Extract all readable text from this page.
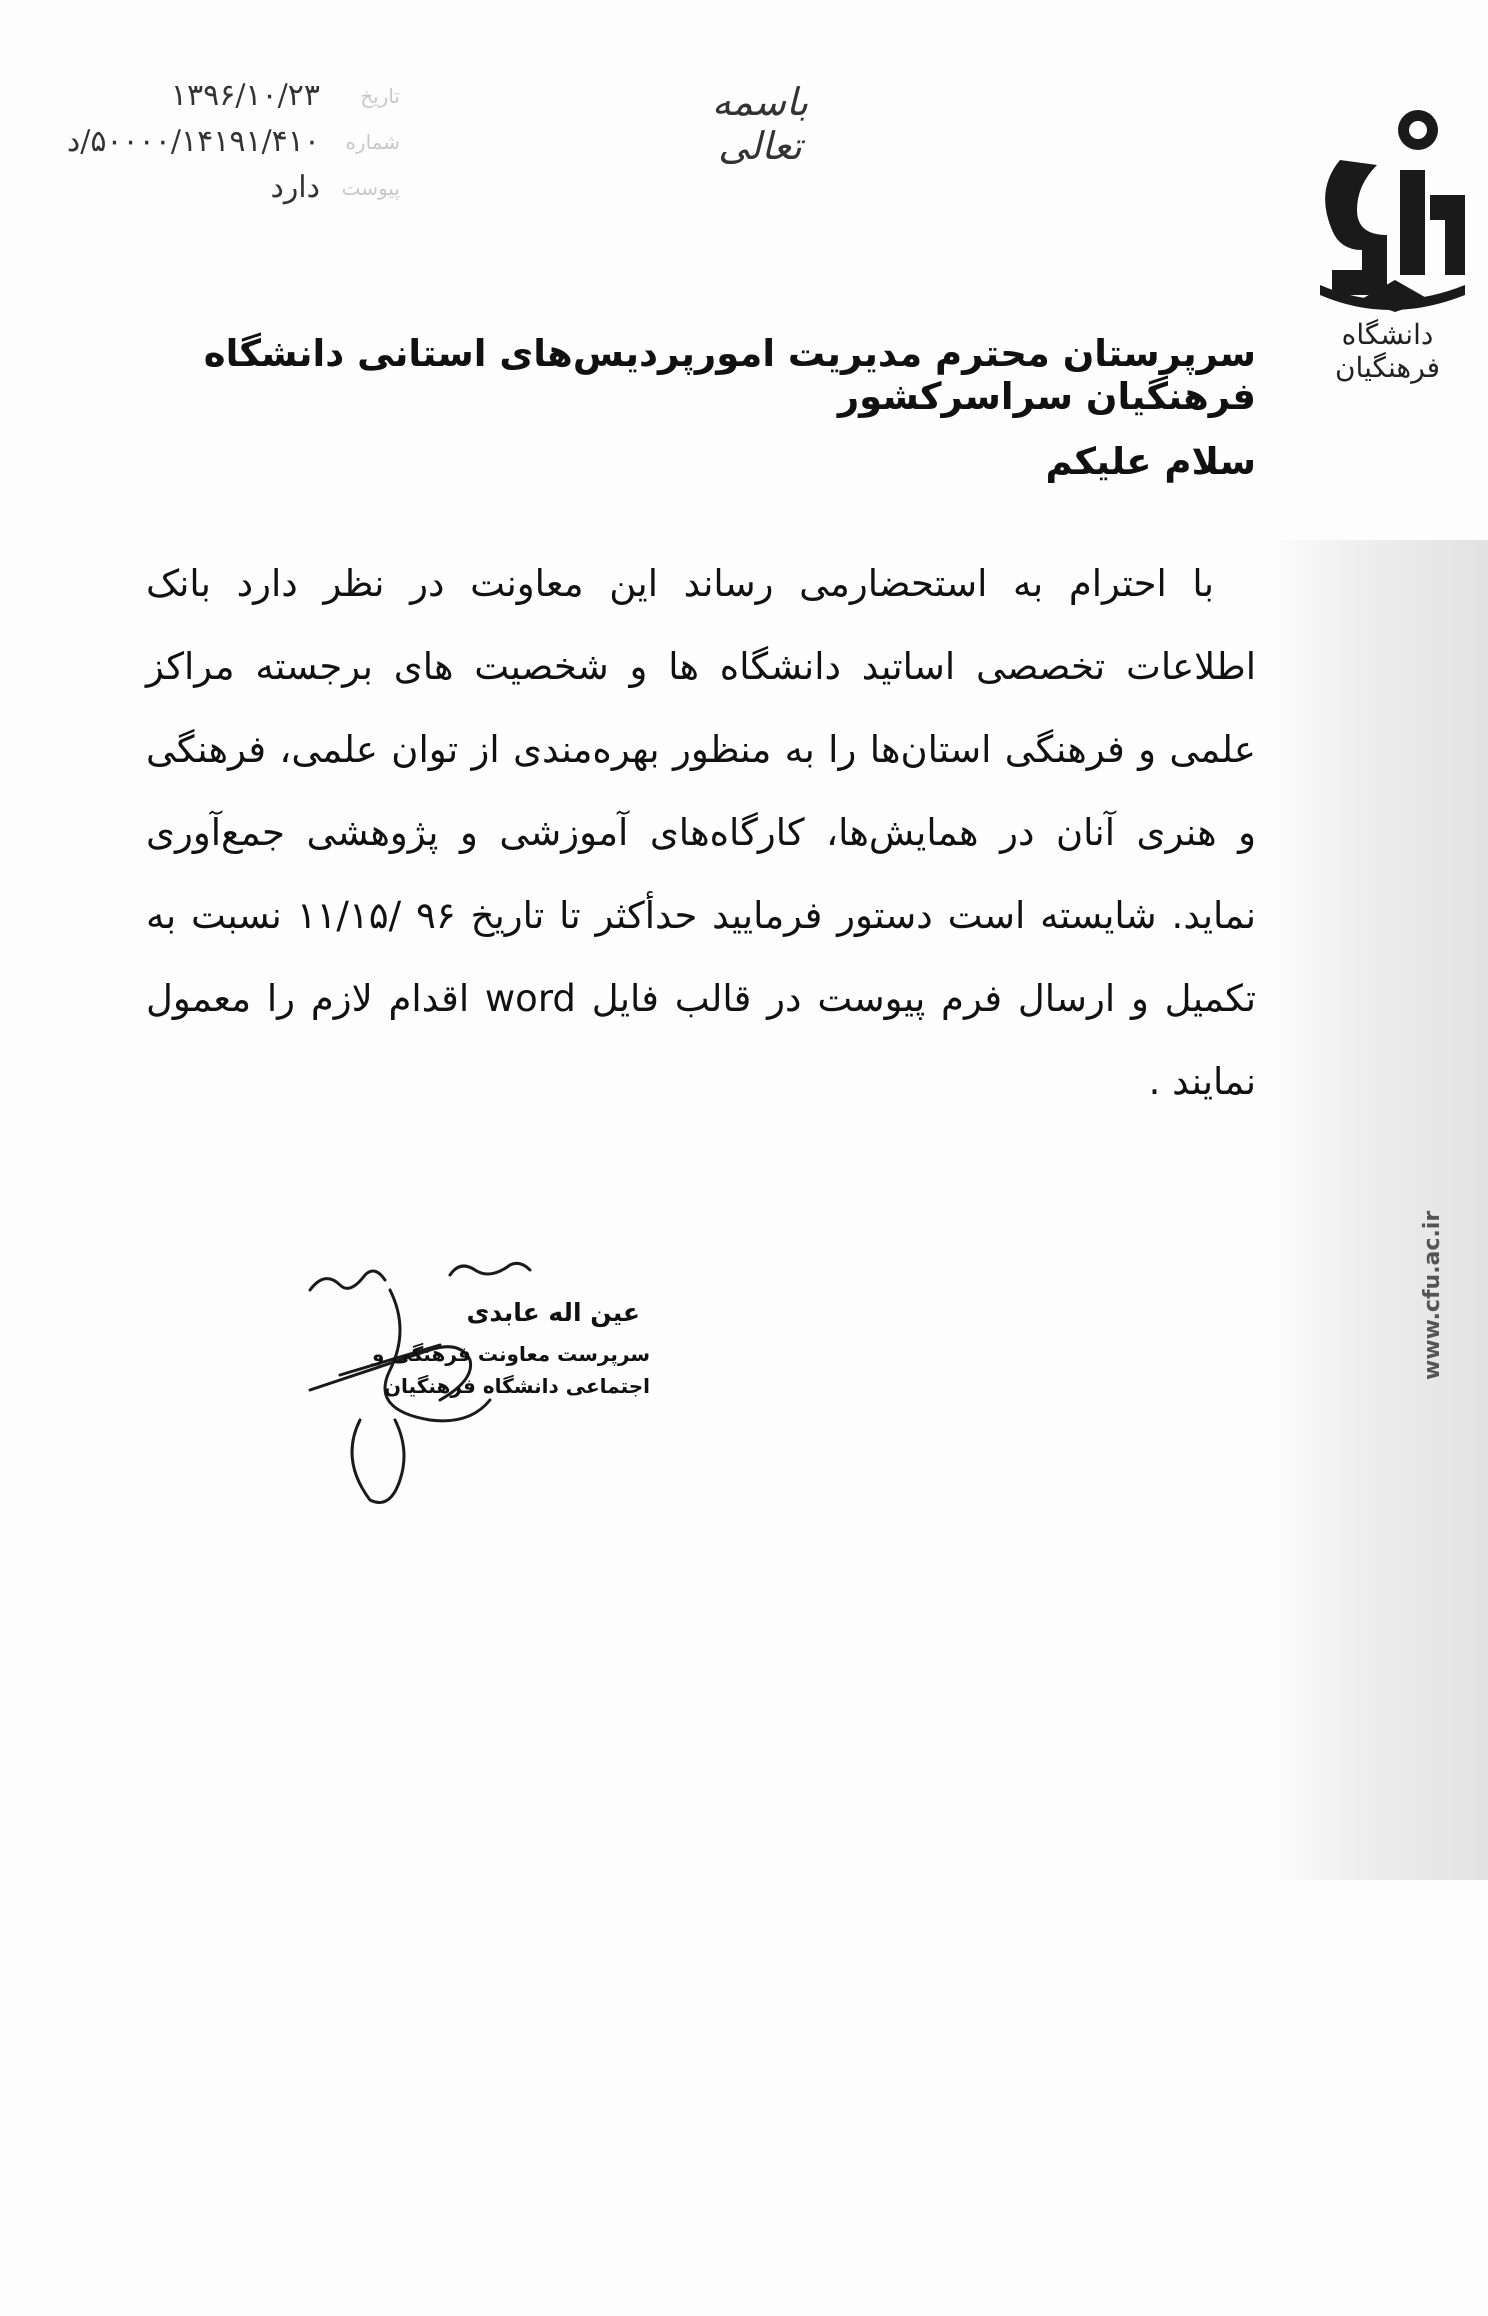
www.cfu.ac.ir
دانشگاه فرهنگیان
باسمه تعالی
تاریخ
۱۳۹۶/۱۰/۲۳
شماره
۵۰۰۰۰/۱۴۱۹۱/۴۱۰/د
پیوست
دارد
سرپرستان محترم مدیریت امورپردیس‌های استانی دانشگاه فرهنگیان سراسرکشور
سلام علیکم
با احترام به استحضارمی رساند این معاونت در نظر دارد بانک اطلاعات تخصصی اساتید دانشگاه ها و شخصیت های برجسته مراکز علمی و فرهنگی استان‌ها را به منظور بهره‌مندی از توان علمی، فرهنگی و هنری آنان در همایش‌ها، کارگاه‌های آموزشی و پژوهشی جمع‌آوری نماید. شایسته است دستور فرمایید حدأکثر تا تاریخ ۹۶ /۱۱/۱۵ نسبت به تکمیل و ارسال فرم پیوست در قالب فایل word اقدام لازم را معمول نمایند .
عین اله عابدی
سرپرست معاونت فرهنگی و
اجتماعی دانشگاه فرهنگیان
